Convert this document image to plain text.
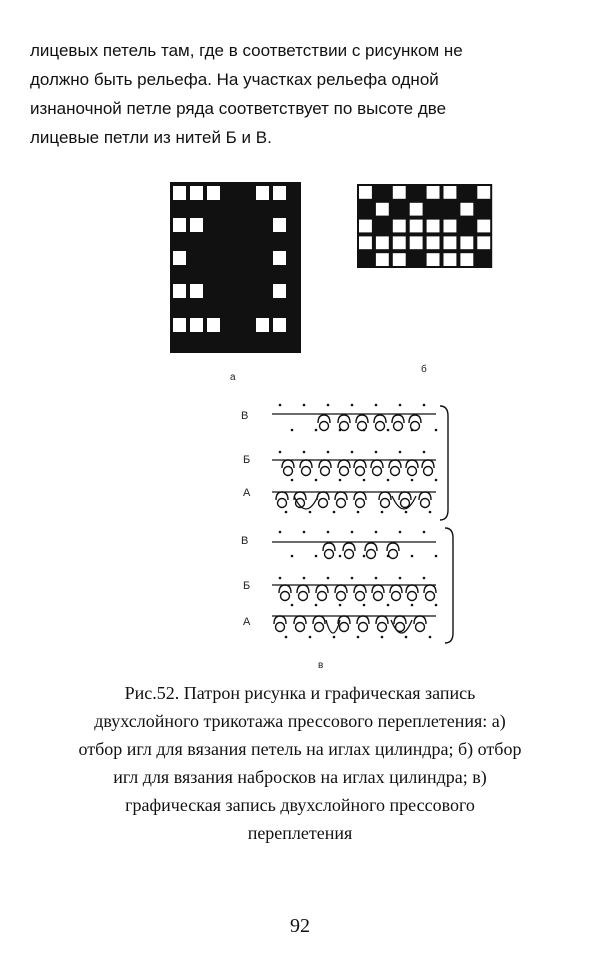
лицевых петель там, где в соответствии с рисунком не
должно быть рельефа. На участках рельефа одной
изнаночной петле ряда соответствует по высоте две
лицевые петли из нитей Б и В.
а
б
В
Б
А
В
Б
А
в
Рис.52. Патрон рисунка и графическая запись
двухслойного трикотажа прессового переплетения: а)
отбор игл для вязания петель на иглах цилиндра; б) отбор
игл для вязания набросков на иглах цилиндра; в)
графическая запись двухслойного прессового
переплетения
92
